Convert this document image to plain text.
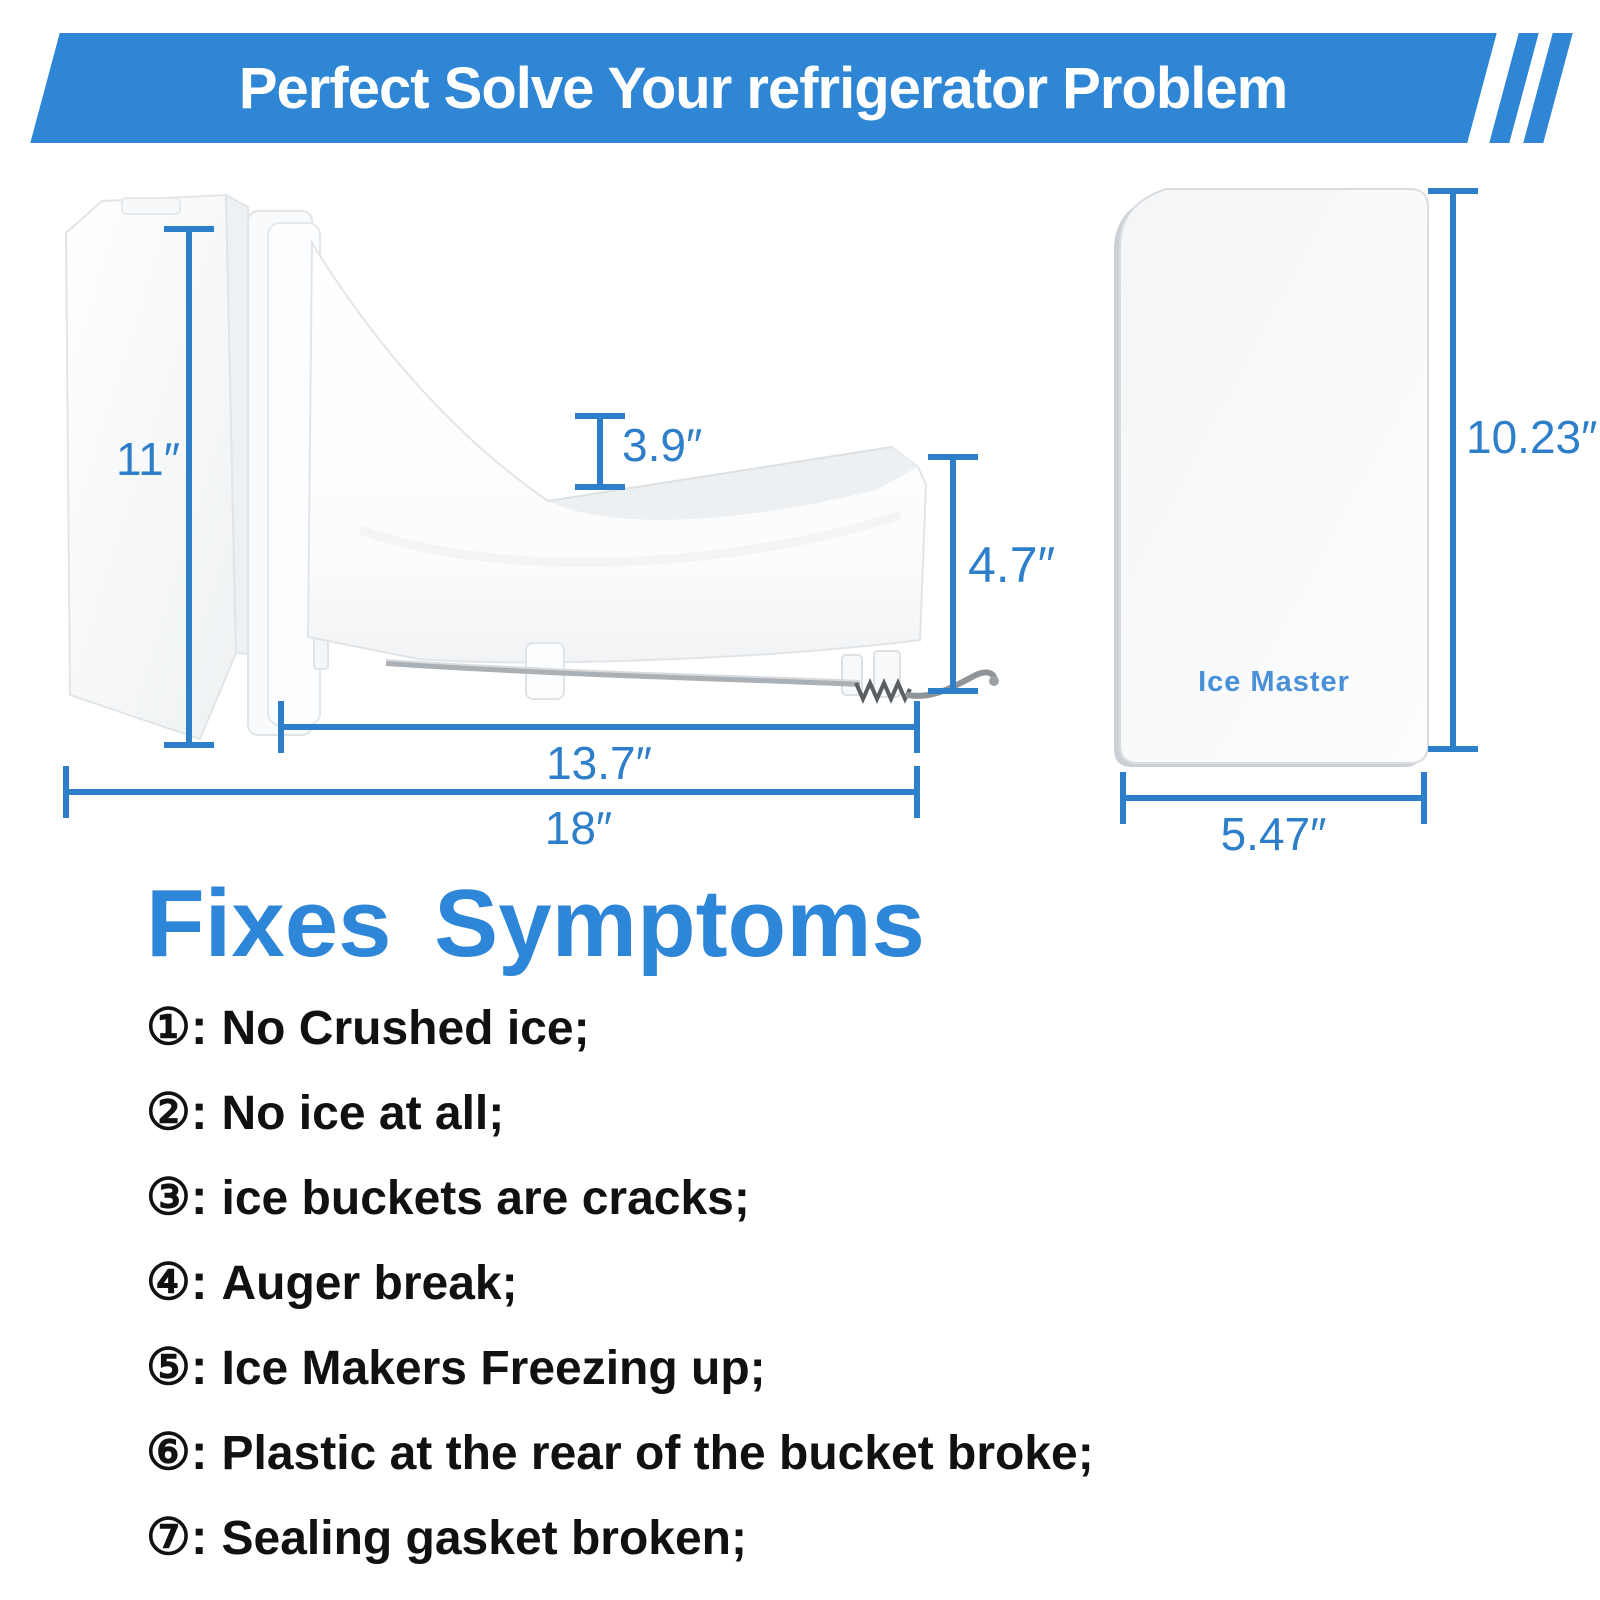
Perfect Solve Your refrigerator Problem
Ice Master
11″	3.9″
4.7″
13.7″
18″
10.23″
5.47″
Fixes Symptoms
①: No Crushed ice;
②: No ice at all;
③: ice buckets are cracks;
④: Auger break;
⑤: Ice Makers Freezing up;
⑥: Plastic at the rear of the bucket broke;
⑦: Sealing gasket broken;
